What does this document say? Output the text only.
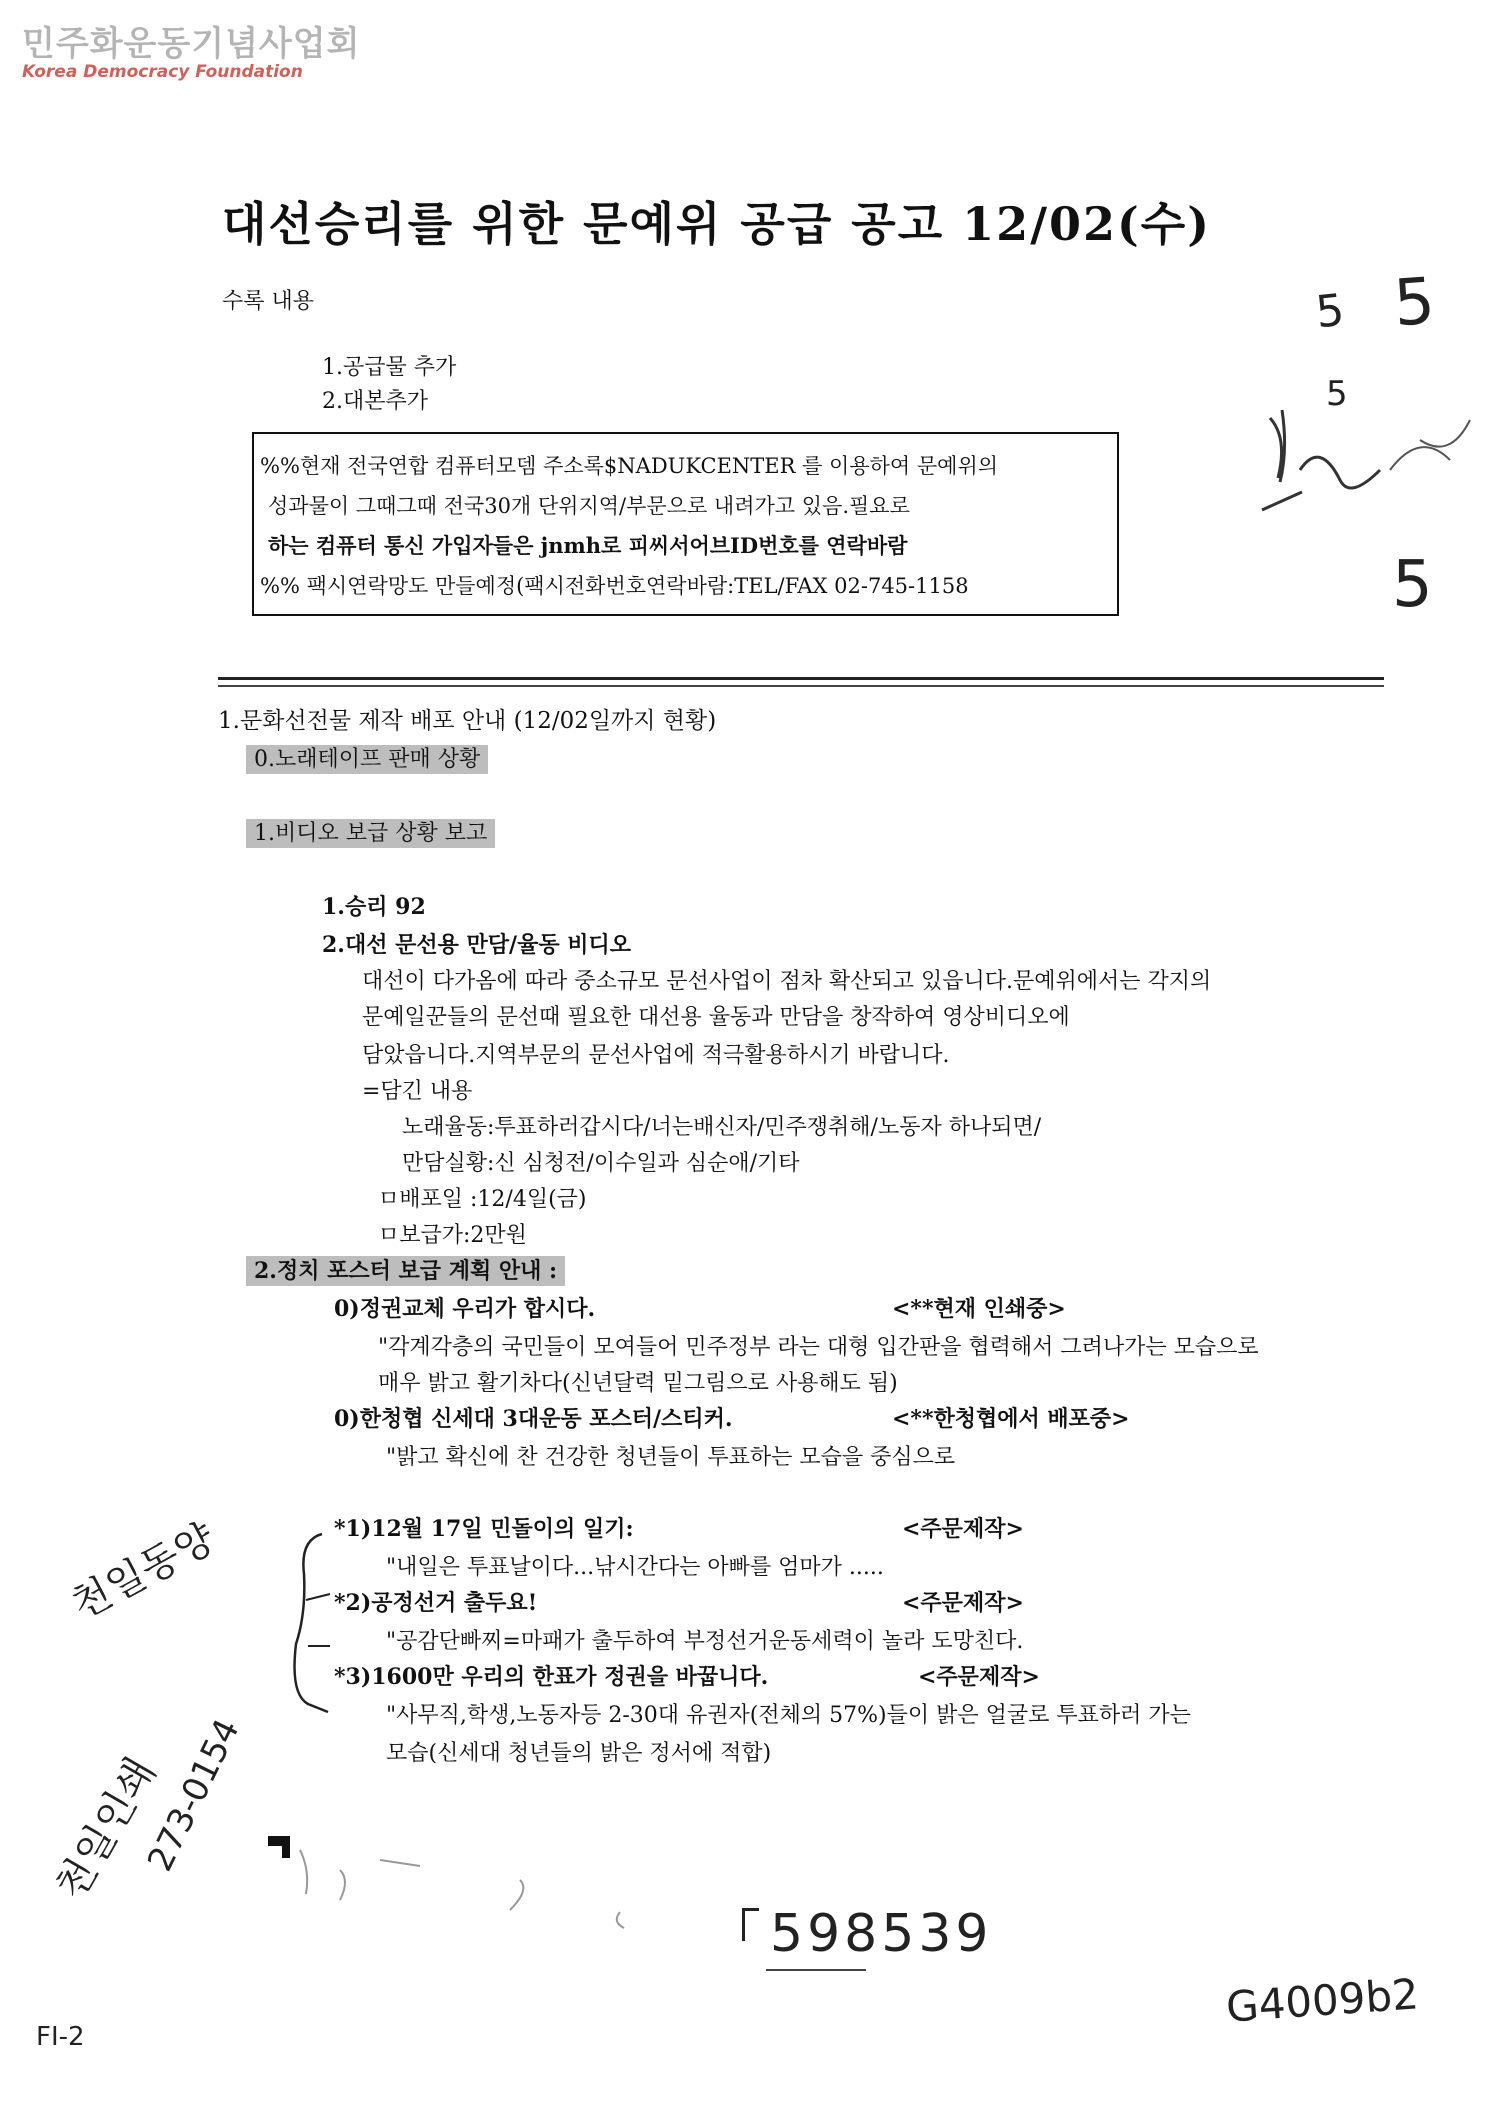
민주화운동기념사업회
Korea Democracy Foundation
대선승리를 위한 문예위 공급 공고 12/02(수)
수록 내용
1.공급물 추가
2.대본추가
%%현재 전국연합 컴퓨터모뎀 주소록$NADUKCENTER 를 이용하여 문예위의
성과물이 그때그때 전국30개 단위지역/부문으로 내려가고 있음.필요로
하는 컴퓨터 통신 가입자들은 jnmh로 피씨서어브ID번호를 연락바람
%% 팩시연락망도 만들예정(팩시전화번호연락바람:TEL/FAX 02-745-1158
1.문화선전물 제작 배포 안내 (12/02일까지 현황)
0.노래테이프 판매 상황
1.비디오 보급 상황 보고
1.승리 92
2.대선 문선용 만담/율동 비디오
대선이 다가옴에 따라 중소규모 문선사업이 점차 확산되고 있읍니다.문예위에서는 각지의
문예일꾼들의 문선때 필요한 대선용 율동과 만담을 창작하여 영상비디오에
담았읍니다.지역부문의 문선사업에 적극활용하시기 바랍니다.
=담긴 내용
노래율동:투표하러갑시다/너는배신자/민주쟁취해/노동자 하나되면/
만담실황:신 심청전/이수일과 심순애/기타
ㅁ배포일 :12/4일(금)
ㅁ보급가:2만원
2.정치 포스터 보급 계획 안내 :
0)정권교체 우리가 합시다.	<**현재 인쇄중>
"각계각층의 국민들이 모여들어 민주정부 라는 대형 입간판을 협력해서 그려나가는 모습으로
매우 밝고 활기차다(신년달력 밑그림으로 사용해도 됨)
0)한청협 신세대 3대운동 포스터/스티커.	<**한청협에서 배포중>
"밝고 확신에 찬 건강한 청년들이 투표하는 모습을 중심으로
*1)12월 17일 민돌이의 일기:	<주문제작>
"내일은 투표날이다...낚시간다는 아빠를 엄마가 .....
*2)공정선거 출두요!	<주문제작>
"공감단빠찌=마패가 출두하여 부정선거운동세력이 놀라 도망친다.
*3)1600만 우리의 한표가 정권을 바꿉니다.	<주문제작>
"사무직,학생,노동자등 2-30대 유권자(전체의 57%)들이 밝은 얼굴로 투표하러 가는
모습(신세대 청년들의 밝은 정서에 적합)
5 5
5
5
598539
G4009b2
FI-2
천일동양
천일인쇄
273-0154
